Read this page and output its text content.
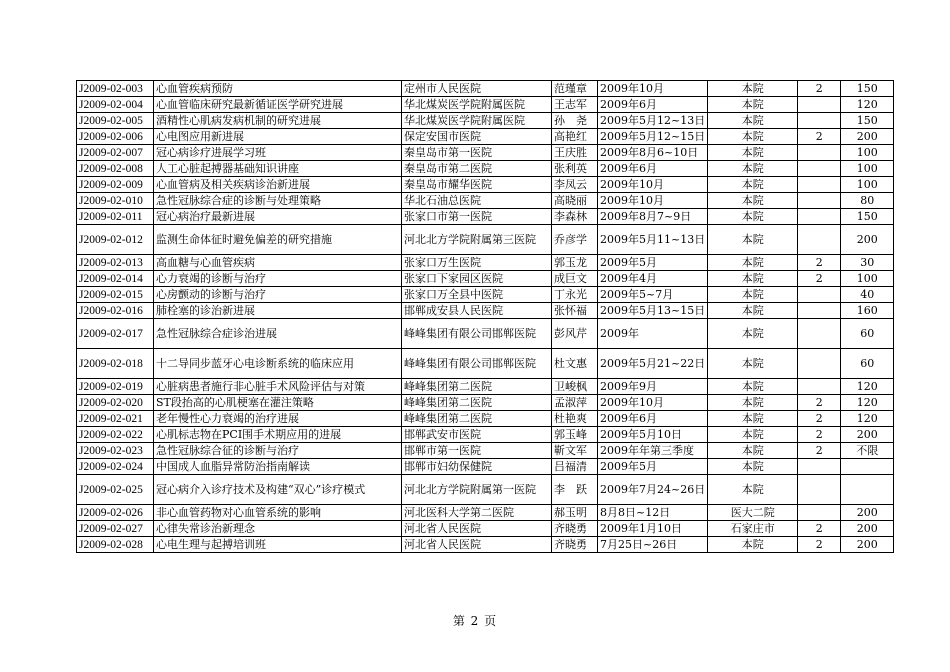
J2009-02-003	心血管疾病预防	定州市人民医院	范瑾章	2009年10月	本院	2	150
J2009-02-004	心血管临床研究最新循证医学研究进展	华北煤炭医学院附属医院	王志军	2009年6月	本院		120
J2009-02-005	酒精性心肌病发病机制的研究进展	华北煤炭医学院附属医院	孙　尧	2009年5月12~13日	本院		150
J2009-02-006	心电图应用新进展	保定安国市医院	高艳红	2009年5月12~15日	本院	2	200
J2009-02-007	冠心病诊疗进展学习班	秦皇岛市第一医院	王庆胜	2009年8月6~10日	本院		100
J2009-02-008	人工心脏起搏器基础知识讲座	秦皇岛市第二医院	张利英	2009年6月	本院		100
J2009-02-009	心血管病及相关疾病诊治新进展	秦皇岛市耀华医院	李凤云	2009年10月	本院		100
J2009-02-010	急性冠脉综合症的诊断与处理策略	华北石油总医院	高晓丽	2009年10月	本院		80
J2009-02-011	冠心病治疗最新进展	张家口市第一医院	李森林	2009年8月7~9日	本院		150
J2009-02-012	监测生命体征时避免偏差的研究措施	河北北方学院附属第三医院	乔彦学	2009年5月11~13日	本院		200
J2009-02-013	高血糖与心血管疾病	张家口万生医院	郭玉龙	2009年5月	本院	2	30
J2009-02-014	心力衰竭的诊断与治疗	张家口下家园区医院	成巨文	2009年4月	本院	2	100
J2009-02-015	心房颤动的诊断与治疗	张家口万全县中医院	丁永光	2009年5~7月	本院		40
J2009-02-016	肺栓塞的诊治新进展	邯郸成安县人民医院	张怀福	2009年5月13~15日	本院		160
J2009-02-017	急性冠脉综合症诊治进展	峰峰集团有限公司邯郸医院	彭风芹	2009年	本院		60
J2009-02-018	十二导同步蓝牙心电诊断系统的临床应用	峰峰集团有限公司邯郸医院	杜文惠	2009年5月21~22日	本院		60
J2009-02-019	心脏病患者施行非心脏手术风险评估与对策	峰峰集团第二医院	卫峻枫	2009年9月	本院		120
J2009-02-020	ST段抬高的心肌梗塞在灌注策略	峰峰集团第二医院	孟淑萍	2009年10月	本院	2	120
J2009-02-021	老年慢性心力衰竭的治疗进展	峰峰集团第二医院	杜艳爽	2009年6月	本院	2	120
J2009-02-022	心肌标志物在PCI围手术期应用的进展	邯郸武安市医院	郭玉峰	2009年5月10日	本院	2	200
J2009-02-023	急性冠脉综合征的诊断与治疗	邯郸市第一医院	靳文军	2009年年第三季度	本院	2	不限
J2009-02-024	中国成人血脂异常防治指南解读	邯郸市妇幼保健院	吕福清	2009年5月	本院		
J2009-02-025	冠心病介入诊疗技术及构建“双心”诊疗模式	河北北方学院附属第一医院	李　跃	2009年7月24~26日	本院		
J2009-02-026	非心血管药物对心血管系统的影响	河北医科大学第二医院	郝玉明	8月8日~12日	医大二院		200
J2009-02-027	心律失常诊治新理念	河北省人民医院	齐晓勇	2009年1月10日	石家庄市	2	200
J2009-02-028	心电生理与起搏培训班	河北省人民医院	齐晓勇	7月25日~26日	本院	2	200
第 2 页
